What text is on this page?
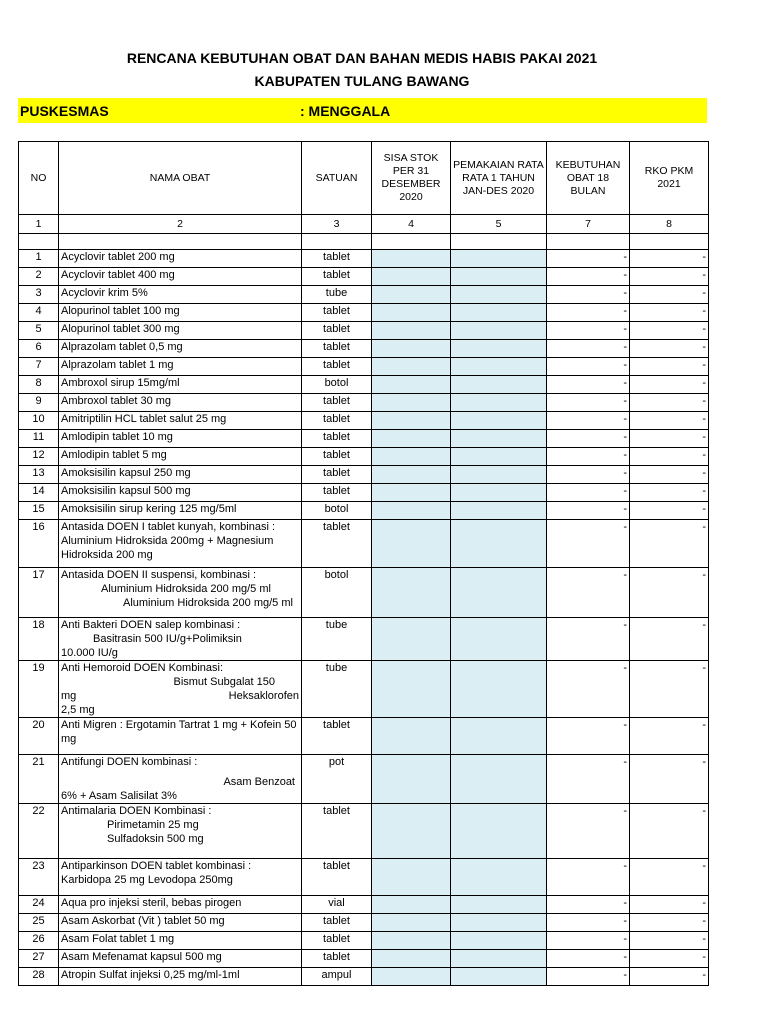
RENCANA KEBUTUHAN OBAT DAN BAHAN MEDIS HABIS PAKAI 2021
KABUPATEN TULANG BAWANG
PUSKESMAS	: MENGGALA
NO	NAMA OBAT	SATUAN	SISA STOK PER 31 DESEMBER 2020	PEMAKAIAN RATA RATA 1 TAHUN JAN-DES 2020	KEBUTUHAN OBAT 18 BULAN	RKO PKM 2021
1	2	3	4	5	7	8

1	Acyclovir tablet 200 mg	tablet			-	-
2	Acyclovir tablet 400 mg	tablet			-	-
3	Acyclovir krim 5%	tube			-	-
4	Alopurinol tablet 100 mg	tablet			-	-
5	Alopurinol tablet 300 mg	tablet			-	-
6	Alprazolam tablet 0,5 mg	tablet			-	-
7	Alprazolam tablet 1 mg	tablet			-	-
8	Ambroxol sirup 15mg/ml	botol			-	-
9	Ambroxol tablet 30 mg	tablet			-	-
10	Amitriptilin HCL tablet salut 25 mg	tablet			-	-
11	Amlodipin tablet 10 mg	tablet			-	-
12	Amlodipin tablet 5 mg	tablet			-	-
13	Amoksisilin kapsul 250 mg	tablet			-	-
14	Amoksisilin kapsul 500 mg	tablet			-	-
15	Amoksisilin sirup kering 125 mg/5ml	botol			-	-
16	Antasida DOEN I tablet kunyah, kombinasi : Aluminium Hidroksida 200mg + Magnesium Hidroksida 200 mg	tablet			-	-
17	Antasida DOEN II suspensi, kombinasi :
Aluminium Hidroksida 200 mg/5 ml
Aluminium Hidroksida 200 mg/5 ml	botol			-	-
18	Anti Bakteri DOEN salep kombinasi :
Basitrasin 500 IU/g+Polimiksin
10.000 IU/g	tube			-	-
19	Anti Hemoroid DOEN Kombinasi:
Bismut Subgalat 150
mg Heksaklorofen
2,5 mg	tube			-	-
20	Anti Migren : Ergotamin Tartrat 1 mg + Kofein 50 mg	tablet			-	-
21	Antifungi DOEN kombinasi :
Asam Benzoat
6% + Asam Salisilat 3%	pot			-	-
22	Antimalaria DOEN Kombinasi :
Pirimetamin 25 mg
Sulfadoksin 500 mg	tablet			-	-
23	Antiparkinson DOEN tablet kombinasi : Karbidopa 25 mg Levodopa 250mg	tablet			-	-
24	Aqua pro injeksi steril, bebas pirogen	vial			-	-
25	Asam Askorbat (Vit ) tablet 50 mg	tablet			-	-
26	Asam Folat tablet 1 mg	tablet			-	-
27	Asam Mefenamat kapsul 500 mg	tablet			-	-
28	Atropin Sulfat injeksi 0,25 mg/ml-1ml	ampul			-	-
